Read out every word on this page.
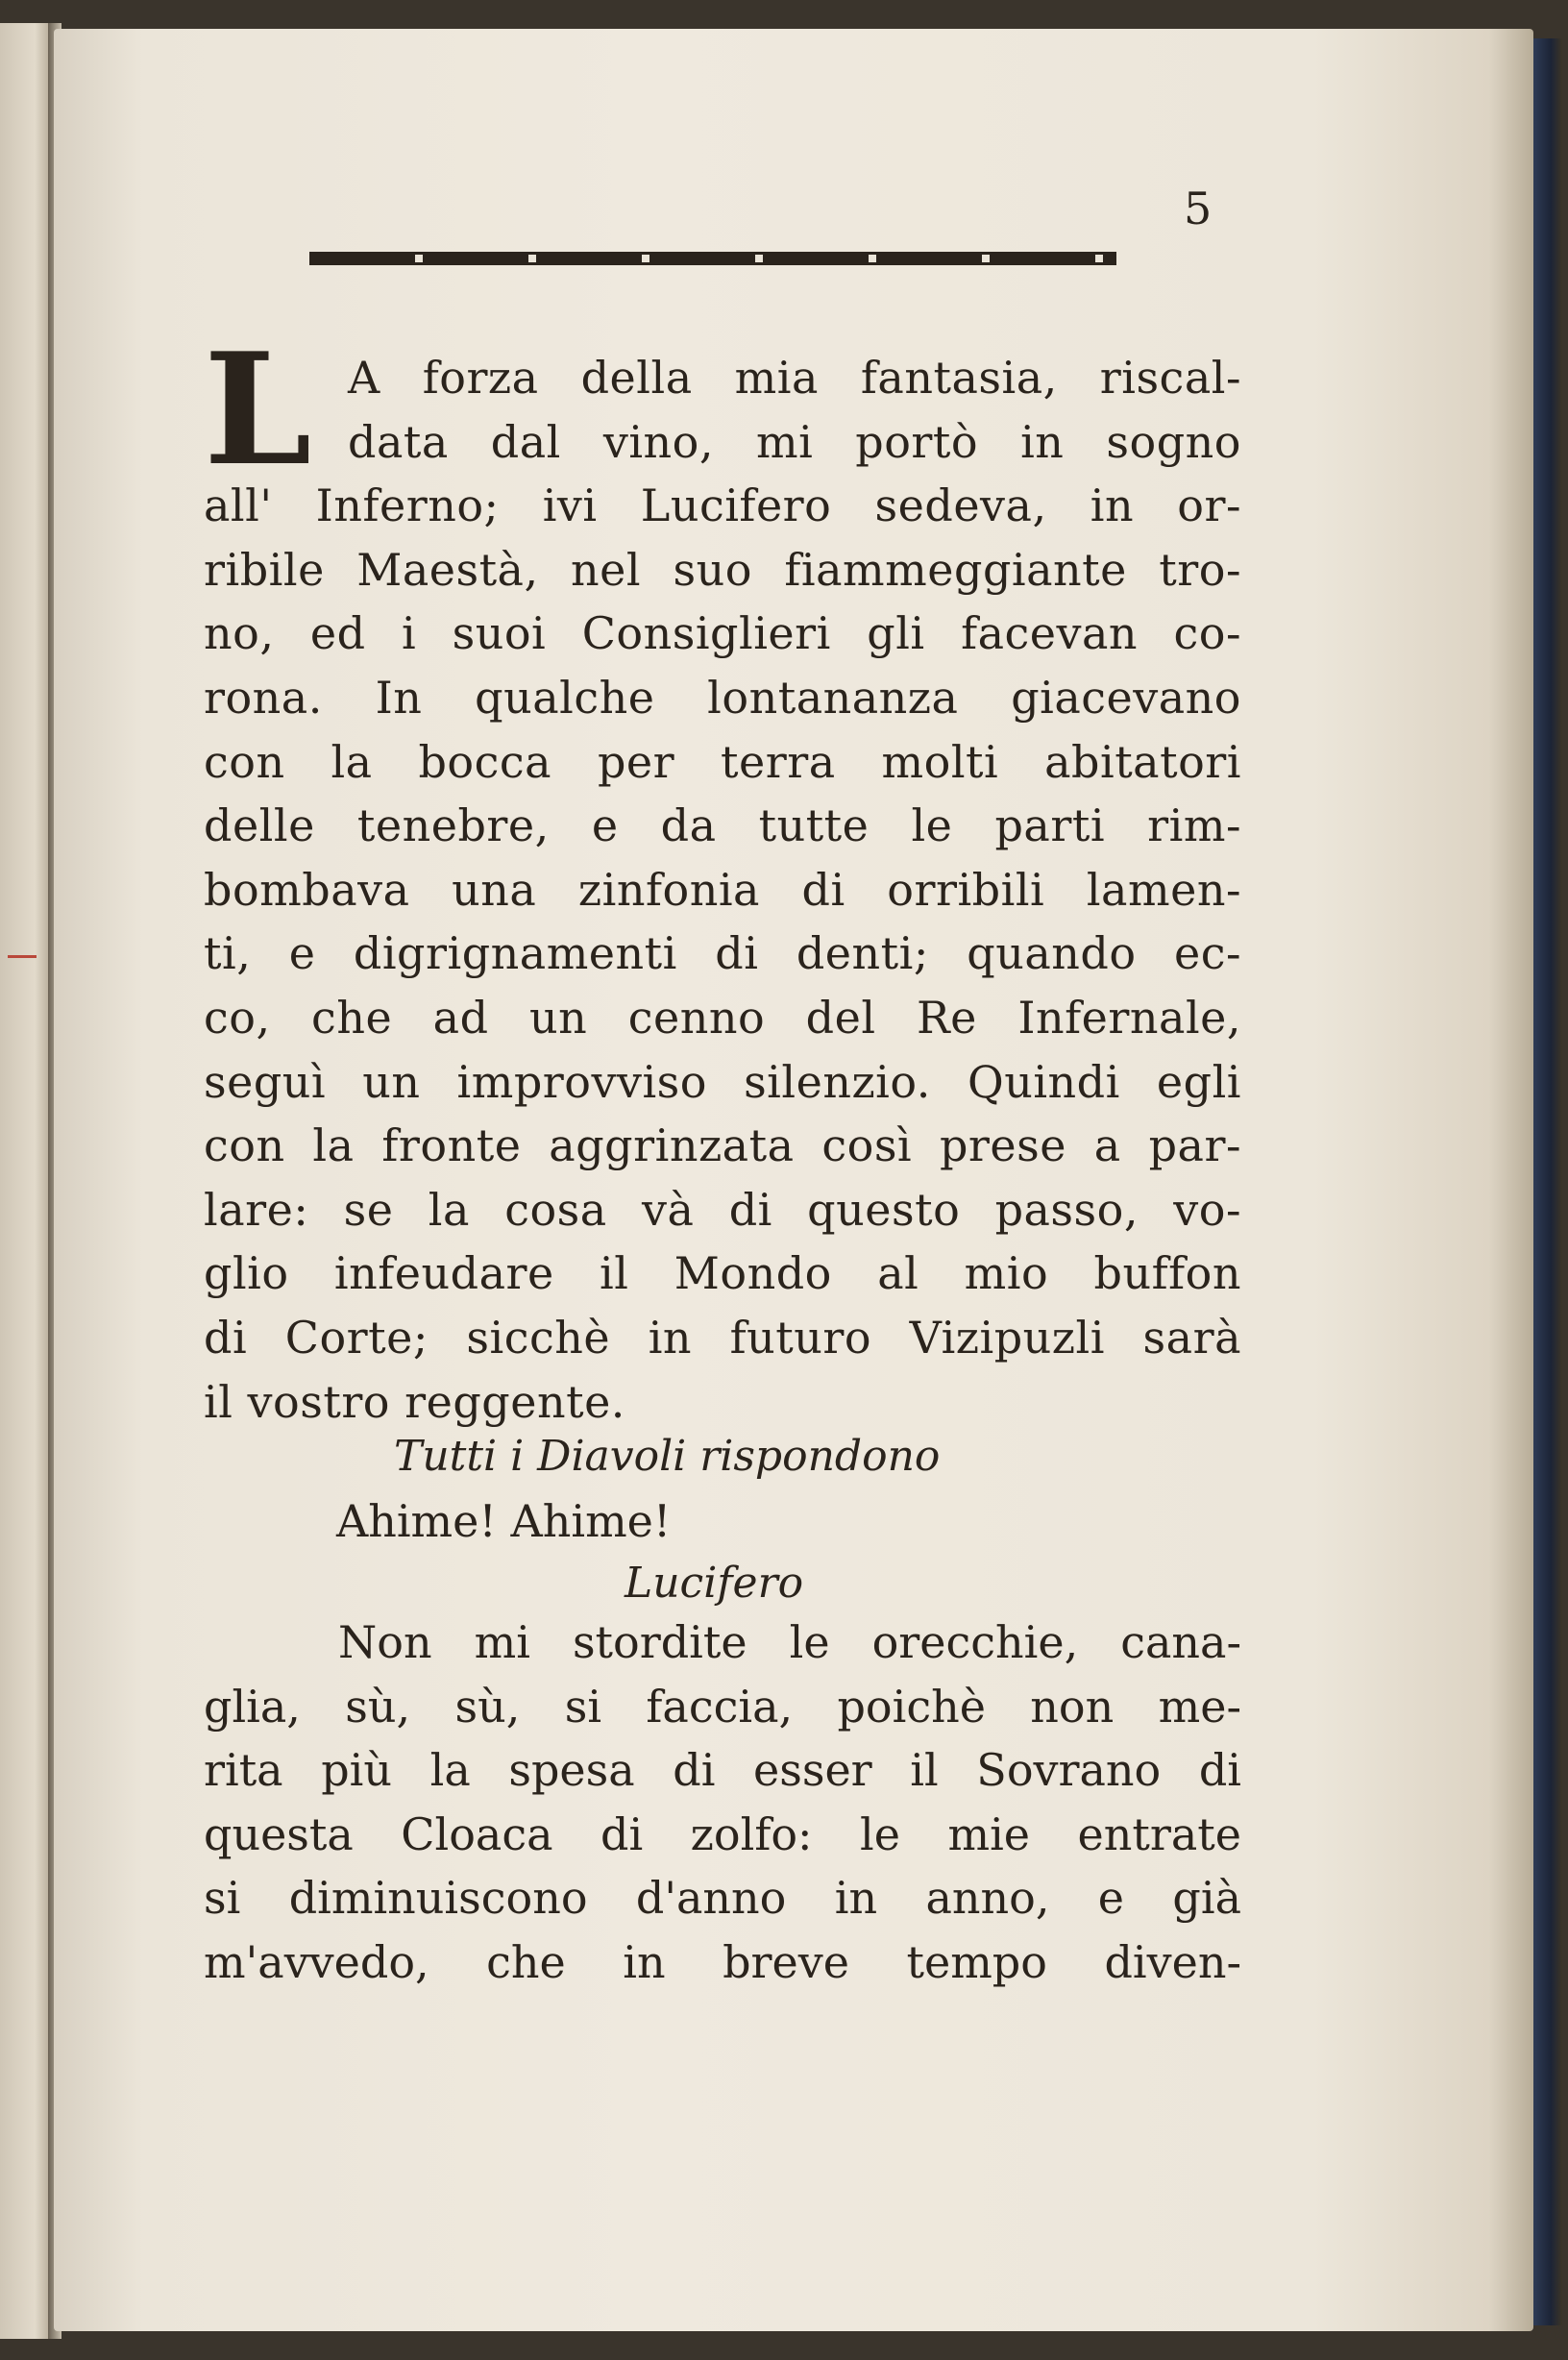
5
L A forza della mia fantasia, riscal-
data dal vino, mi portò in sogno
all' Inferno; ivi Lucifero sedeva, in or-
ribile Maestà, nel suo fiammeggiante tro-
no, ed i suoi Consiglieri gli facevan co-
rona. In qualche lontananza giacevano
con la bocca per terra molti abitatori
delle tenebre, e da tutte le parti rim-
bombava una zinfonia di orribili lamen-
ti, e digrignamenti di denti; quando ec-
co, che ad un cenno del Re Infernale,
seguì un improvviso silenzio. Quindi egli
con la fronte aggrinzata così prese a par-
lare: se la cosa và di questo passo, vo-
glio infeudare il Mondo al mio buffon
di Corte; sicchè in futuro Vizipuzli sarà
il vostro reggente.
Tutti i Diavoli rispondono
Ahime! Ahime!
Lucifero
Non mi stordite le orecchie, cana-
glia, sù, sù, si faccia, poichè non me-
rita più la spesa di esser il Sovrano di
questa Cloaca di zolfo: le mie entrate
si diminuiscono d'anno in anno, e già
m'avvedo, che in breve tempo diven-
